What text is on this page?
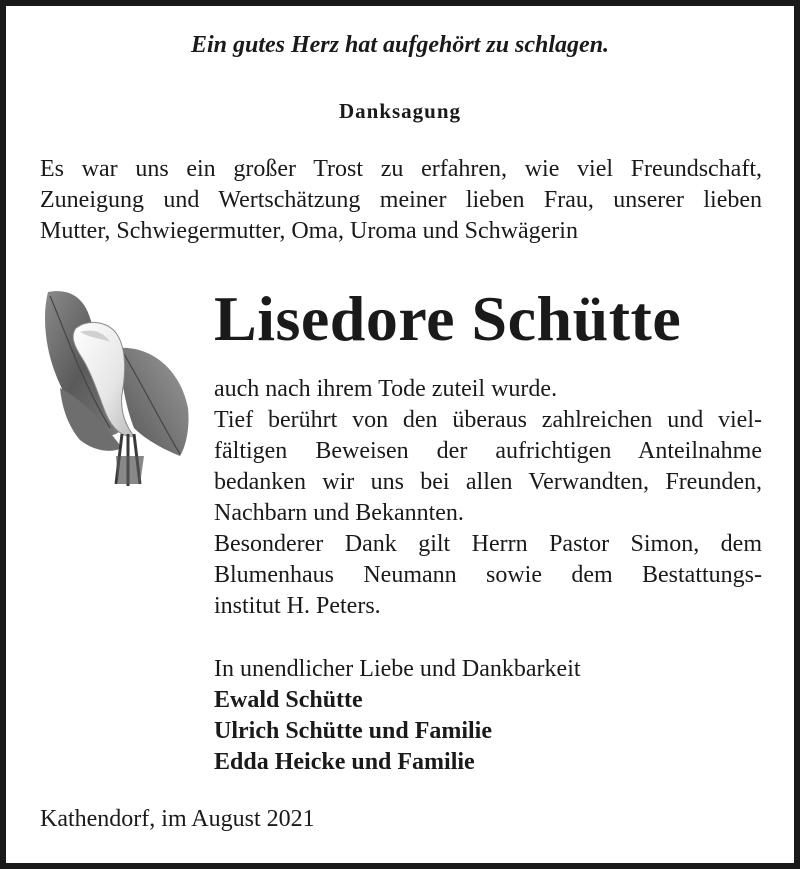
Ein gutes Herz hat aufgehört zu schlagen.
Danksagung
Es war uns ein großer Trost zu erfahren, wie viel Freundschaft,
Zuneigung und Wertschätzung meiner lieben Frau, unserer lieben
Mutter, Schwiegermutter, Oma, Uroma und Schwägerin
Lisedore Schütte
auch nach ihrem Tode zuteil wurde.
Tief berührt von den überaus zahlreichen und viel-
fältigen Beweisen der aufrichtigen Anteilnahme
bedanken wir uns bei allen Verwandten, Freunden,
Nachbarn und Bekannten.
Besonderer Dank gilt Herrn Pastor Simon, dem
Blumenhaus Neumann sowie dem Bestattungs-
institut H. Peters.
In unendlicher Liebe und Dankbarkeit
Ewald Schütte
Ulrich Schütte und Familie
Edda Heicke und Familie
Kathendorf, im August 2021
